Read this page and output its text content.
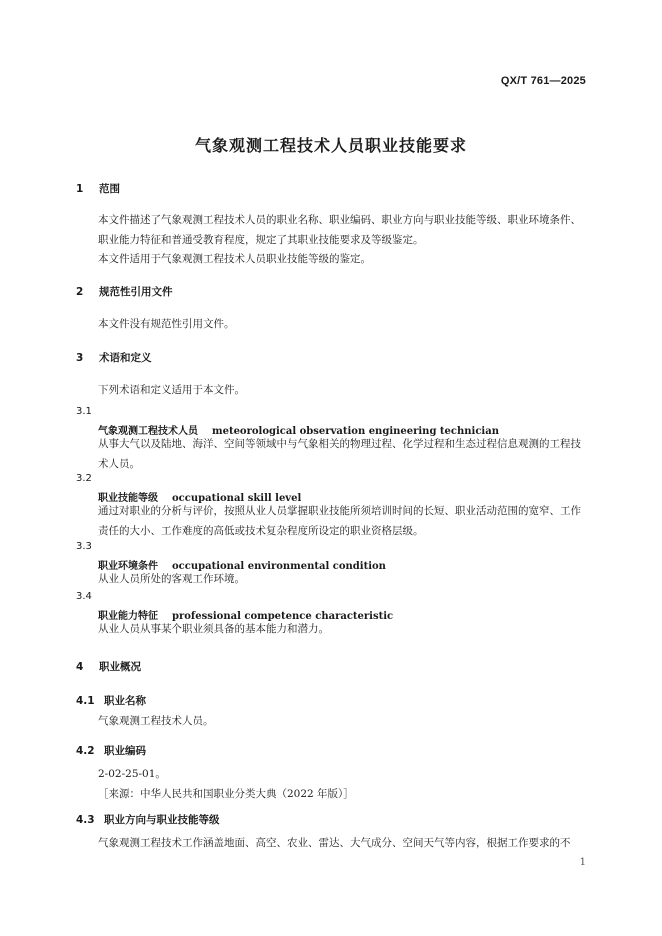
QX/T 761—2025
气象观测工程技术人员职业技能要求
1 范围
本文件描述了气象观测工程技术人员的职业名称、职业编码、职业方向与职业技能等级、职业环境条件、职业能力特征和普通受教育程度，规定了其职业技能要求及等级鉴定。
本文件适用于气象观测工程技术人员职业技能等级的鉴定。
2 规范性引用文件
本文件没有规范性引用文件。
3 术语和定义
下列术语和定义适用于本文件。
3.1
气象观测工程技术人员 meteorological observation engineering technician
从事大气以及陆地、海洋、空间等领域中与气象相关的物理过程、化学过程和生态过程信息观测的工程技术人员。
3.2
职业技能等级 occupational skill level
通过对职业的分析与评价，按照从业人员掌握职业技能所须培训时间的长短、职业活动范围的宽窄、工作责任的大小、工作难度的高低或技术复杂程度所设定的职业资格层级。
3.3
职业环境条件 occupational environmental condition
从业人员所处的客观工作环境。
3.4
职业能力特征 professional competence characteristic
从业人员从事某个职业须具备的基本能力和潜力。
4 职业概况
4.1 职业名称
气象观测工程技术人员。
4.2 职业编码
2-02-25-01。
［来源：中华人民共和国职业分类大典（2022 年版）］
4.3 职业方向与职业技能等级
气象观测工程技术工作涵盖地面、高空、农业、雷达、大气成分、空间天气等内容，根据工作要求的不
1
